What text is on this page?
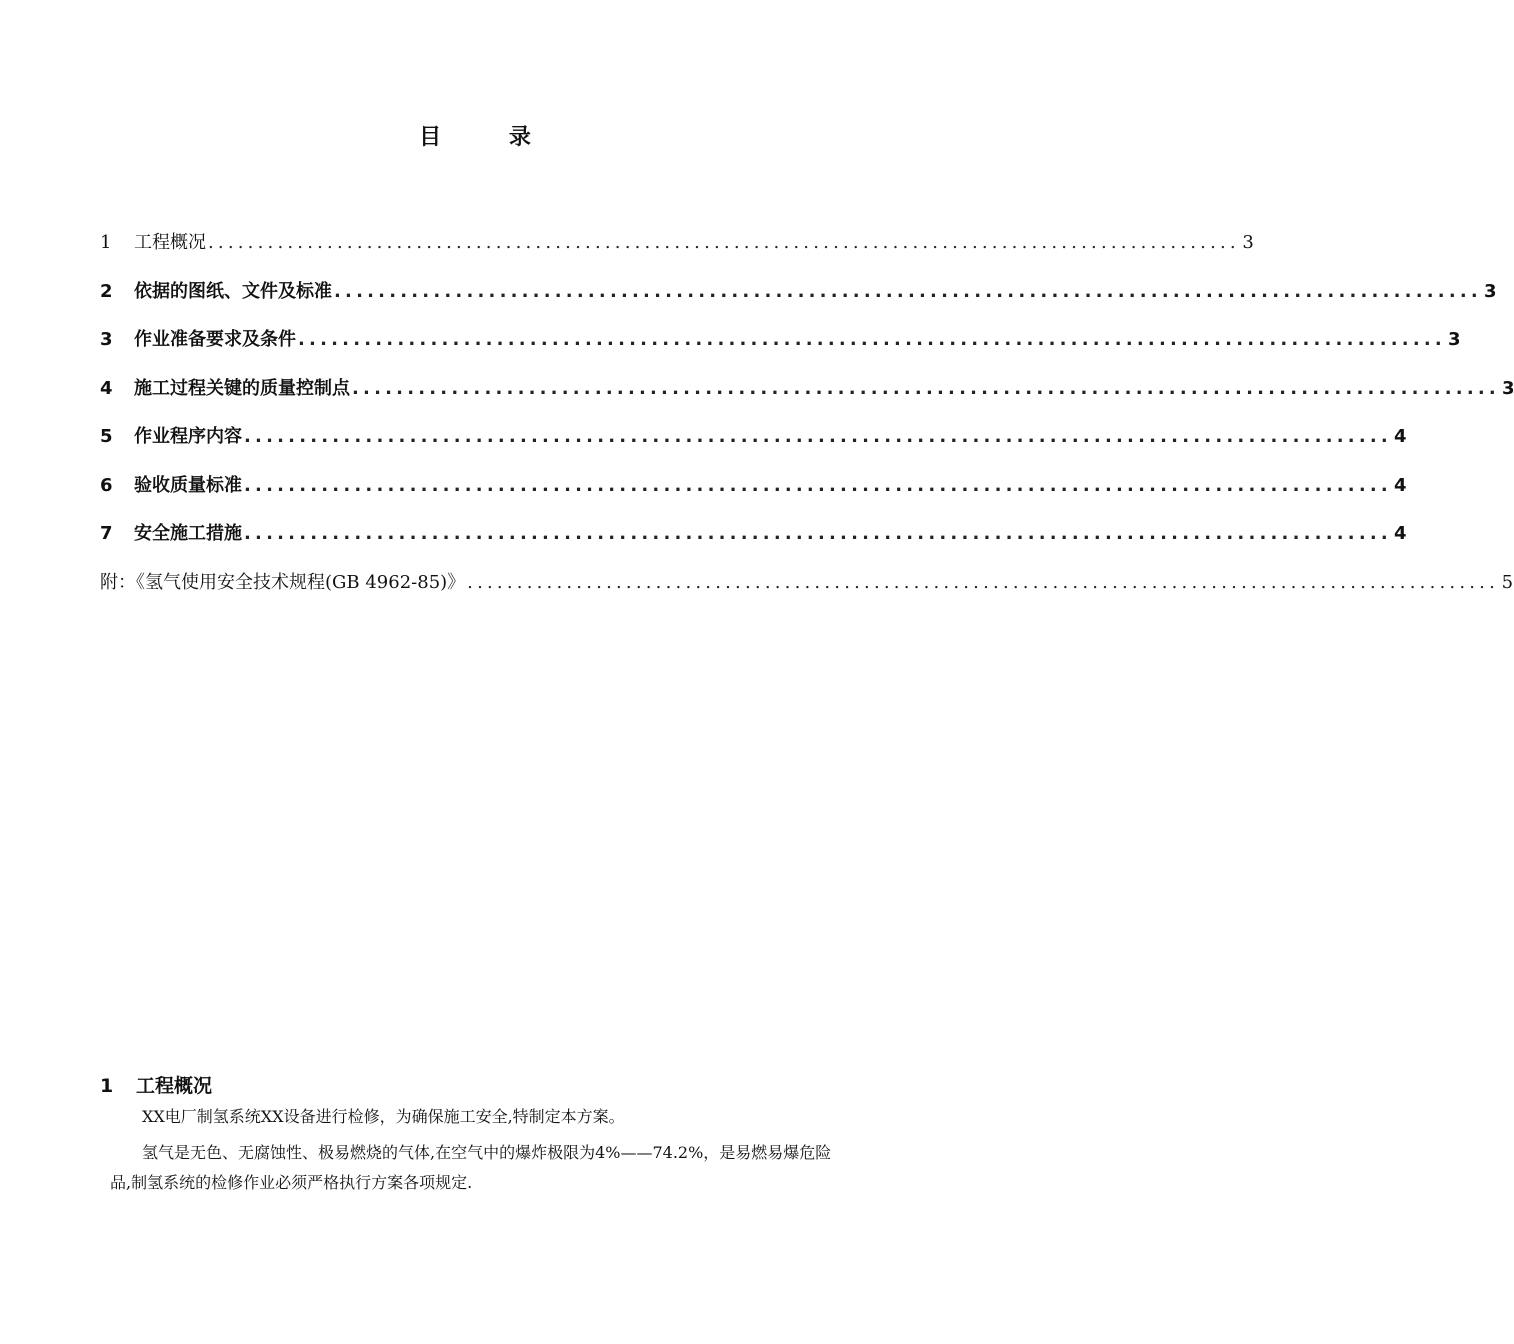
目 录
1	工程概况 ........................................................................................................ 3
2	依据的图纸、文件及标准 ........................................................................................................ 3
3	作业准备要求及条件 ........................................................................................................ 3
4	施工过程关键的质量控制点 ........................................................................................................ 3
5	作业程序内容 ........................................................................................................ 4
6	验收质量标准 ........................................................................................................ 4
7	安全施工措施 ........................................................................................................ 4
附：《氢气使用安全技术规程(GB 4962-85)》 ........................................................................................................ 5
1 工程概况

XX电厂制氢系统XX设备进行检修，为确保施工安全,特制定本方案。

氢气是无色、无腐蚀性、极易燃烧的气体,在空气中的爆炸极限为4%——74.2%，是易燃易爆危险品,制氢系统的检修作业必须严格执行方案各项规定.
